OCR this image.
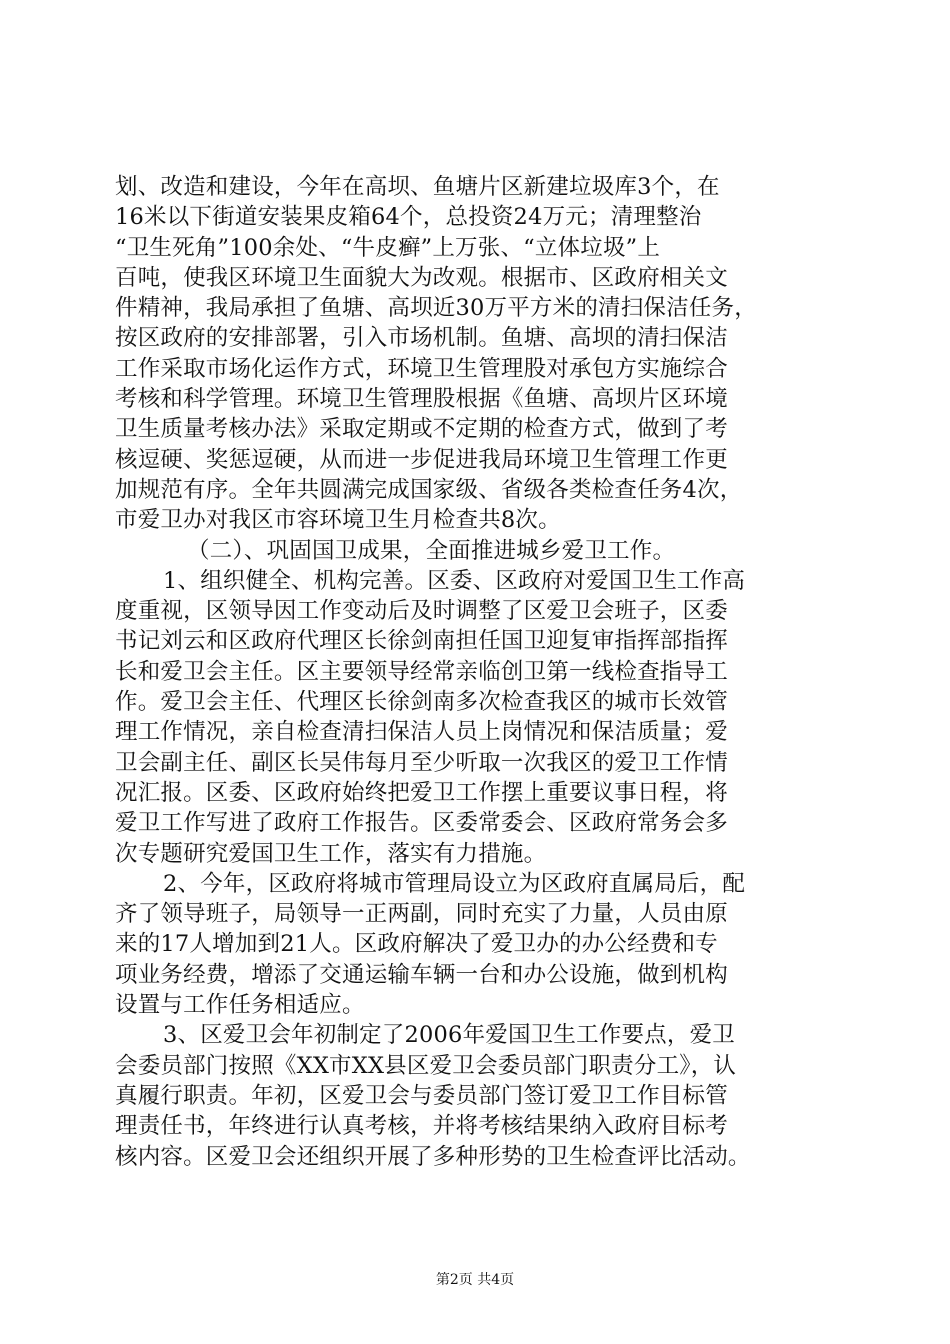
划、改造和建设，今年在高坝、鱼塘片区新建垃圾库3个，在
16米以下街道安装果皮箱64个，总投资24万元；清理整治
“卫生死角”100余处、“牛皮癣”上万张、“立体垃圾”上
百吨，使我区环境卫生面貌大为改观。根据市、区政府相关文
件精神，我局承担了鱼塘、高坝近30万平方米的清扫保洁任务，
按区政府的安排部署，引入市场机制。鱼塘、高坝的清扫保洁
工作采取市场化运作方式，环境卫生管理股对承包方实施综合
考核和科学管理。环境卫生管理股根据《鱼塘、高坝片区环境
卫生质量考核办法》采取定期或不定期的检查方式，做到了考
核逗硬、奖惩逗硬，从而进一步促进我局环境卫生管理工作更
加规范有序。全年共圆满完成国家级、省级各类检查任务4次，
市爱卫办对我区市容环境卫生月检查共8次。
（二）、巩固国卫成果，全面推进城乡爱卫工作。
1、组织健全、机构完善。区委、区政府对爱国卫生工作高
度重视，区领导因工作变动后及时调整了区爱卫会班子，区委
书记刘云和区政府代理区长徐剑南担任国卫迎复审指挥部指挥
长和爱卫会主任。区主要领导经常亲临创卫第一线检查指导工
作。爱卫会主任、代理区长徐剑南多次检查我区的城市长效管
理工作情况，亲自检查清扫保洁人员上岗情况和保洁质量；爱
卫会副主任、副区长吴伟每月至少听取一次我区的爱卫工作情
况汇报。区委、区政府始终把爱卫工作摆上重要议事日程，将
爱卫工作写进了政府工作报告。区委常委会、区政府常务会多
次专题研究爱国卫生工作，落实有力措施。
2、今年，区政府将城市管理局设立为区政府直属局后，配
齐了领导班子，局领导一正两副，同时充实了力量，人员由原
来的17人增加到21人。区政府解决了爱卫办的办公经费和专
项业务经费，增添了交通运输车辆一台和办公设施，做到机构
设置与工作任务相适应。
3、区爱卫会年初制定了2006年爱国卫生工作要点，爱卫
会委员部门按照《XX市XX县区爱卫会委员部门职责分工》，认
真履行职责。年初，区爱卫会与委员部门签订爱卫工作目标管
理责任书，年终进行认真考核，并将考核结果纳入政府目标考
核内容。区爱卫会还组织开展了多种形势的卫生检查评比活动。
第2页 共4页
